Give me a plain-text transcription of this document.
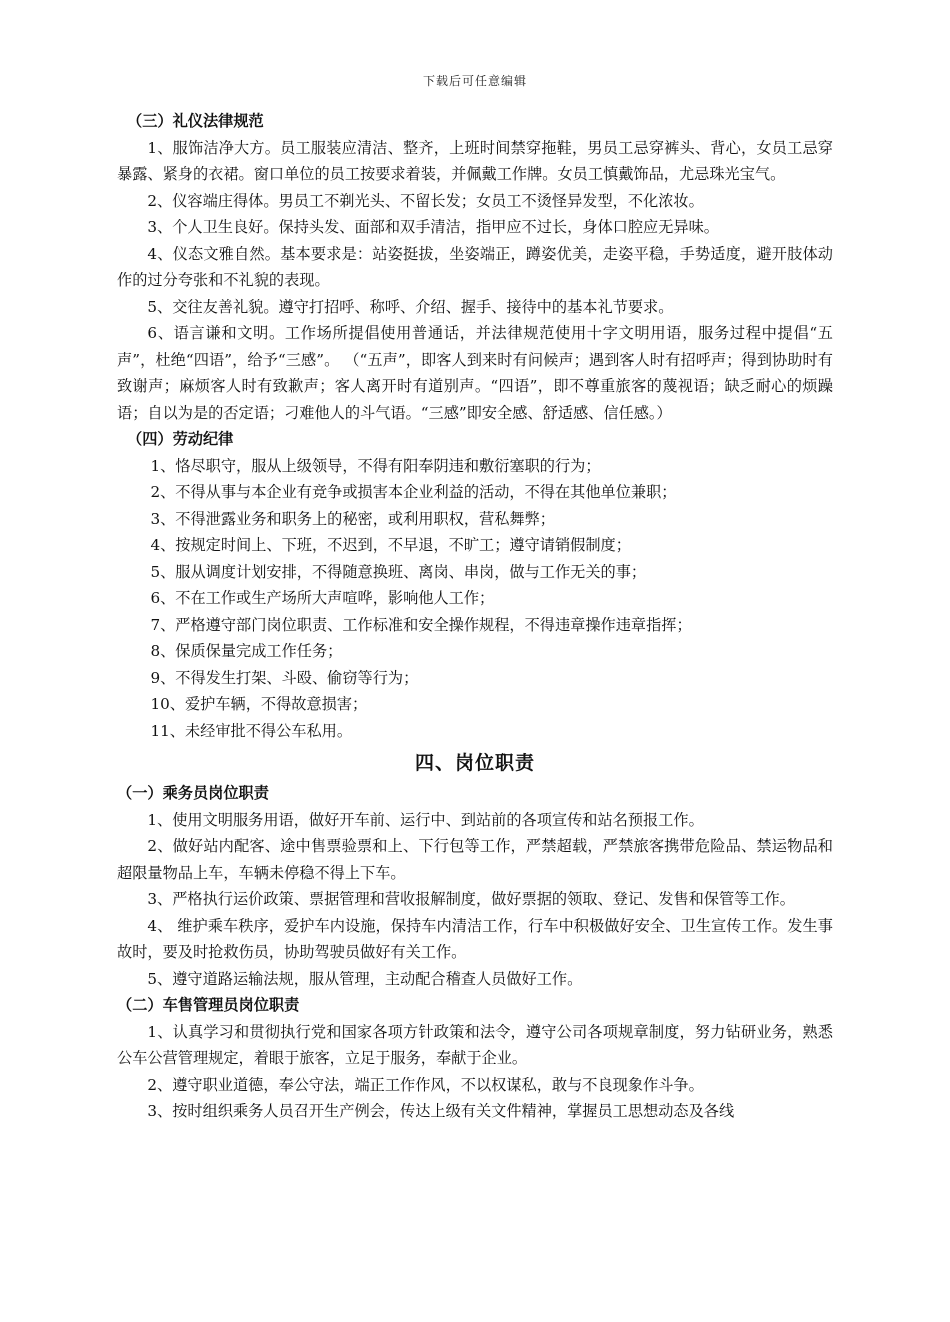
下载后可任意编辑

（三）礼仪法律规范

1、服饰洁净大方。员工服装应清洁、整齐，上班时间禁穿拖鞋，男员工忌穿裤头、背心，女员工忌穿暴露、紧身的衣裙。窗口单位的员工按要求着装，并佩戴工作牌。女员工慎戴饰品，尤忌珠光宝气。

2、仪容端庄得体。男员工不剃光头、不留长发；女员工不烫怪异发型，不化浓妆。

3、个人卫生良好。保持头发、面部和双手清洁，指甲应不过长，身体口腔应无异味。

4、仪态文雅自然。基本要求是：站姿挺拔，坐姿端正，蹲姿优美，走姿平稳，手势适度，避开肢体动作的过分夸张和不礼貌的表现。

5、交往友善礼貌。遵守打招呼、称呼、介绍、握手、接待中的基本礼节要求。

6、语言谦和文明。工作场所提倡使用普通话，并法律规范使用十字文明用语，服务过程中提倡“五声”，杜绝“四语”，给予“三感”。 （“五声”，即客人到来时有问候声；遇到客人时有招呼声；得到协助时有致谢声；麻烦客人时有致歉声；客人离开时有道别声。“四语”，即不尊重旅客的蔑视语；缺乏耐心的烦躁语；自以为是的否定语；刁难他人的斗气语。“三感”即安全感、舒适感、信任感。）

（四）劳动纪律

1、恪尽职守，服从上级领导，不得有阳奉阴违和敷衍塞职的行为；

2、不得从事与本企业有竞争或损害本企业利益的活动，不得在其他单位兼职；

3、不得泄露业务和职务上的秘密，或利用职权，营私舞弊；

4、按规定时间上、下班，不迟到，不早退，不旷工；遵守请销假制度；

5、服从调度计划安排，不得随意换班、离岗、串岗，做与工作无关的事；

6、不在工作或生产场所大声喧哗，影响他人工作；

7、严格遵守部门岗位职责、工作标准和安全操作规程，不得违章操作违章指挥；

8、保质保量完成工作任务；

9、不得发生打架、斗殴、偷窃等行为；

10、爱护车辆，不得故意损害；

11、未经审批不得公车私用。

四、岗位职责

（一）乘务员岗位职责

1、使用文明服务用语，做好开车前、运行中、到站前的各项宣传和站名预报工作。

2、做好站内配客、途中售票验票和上、下行包等工作，严禁超载，严禁旅客携带危险品、禁运物品和超限量物品上车，车辆未停稳不得上下车。

3、严格执行运价政策、票据管理和营收报解制度，做好票据的领取、登记、发售和保管等工作。

4、 维护乘车秩序，爱护车内设施，保持车内清洁工作，行车中积极做好安全、卫生宣传工作。发生事故时，要及时抢救伤员，协助驾驶员做好有关工作。

5、遵守道路运输法规，服从管理，主动配合稽查人员做好工作。

（二）车售管理员岗位职责

1、认真学习和贯彻执行党和国家各项方针政策和法令，遵守公司各项规章制度，努力钻研业务，熟悉公车公营管理规定，着眼于旅客，立足于服务，奉献于企业。

2、遵守职业道德，奉公守法，端正工作作风，不以权谋私，敢与不良现象作斗争。

3、按时组织乘务人员召开生产例会，传达上级有关文件精神，掌握员工思想动态及各线
